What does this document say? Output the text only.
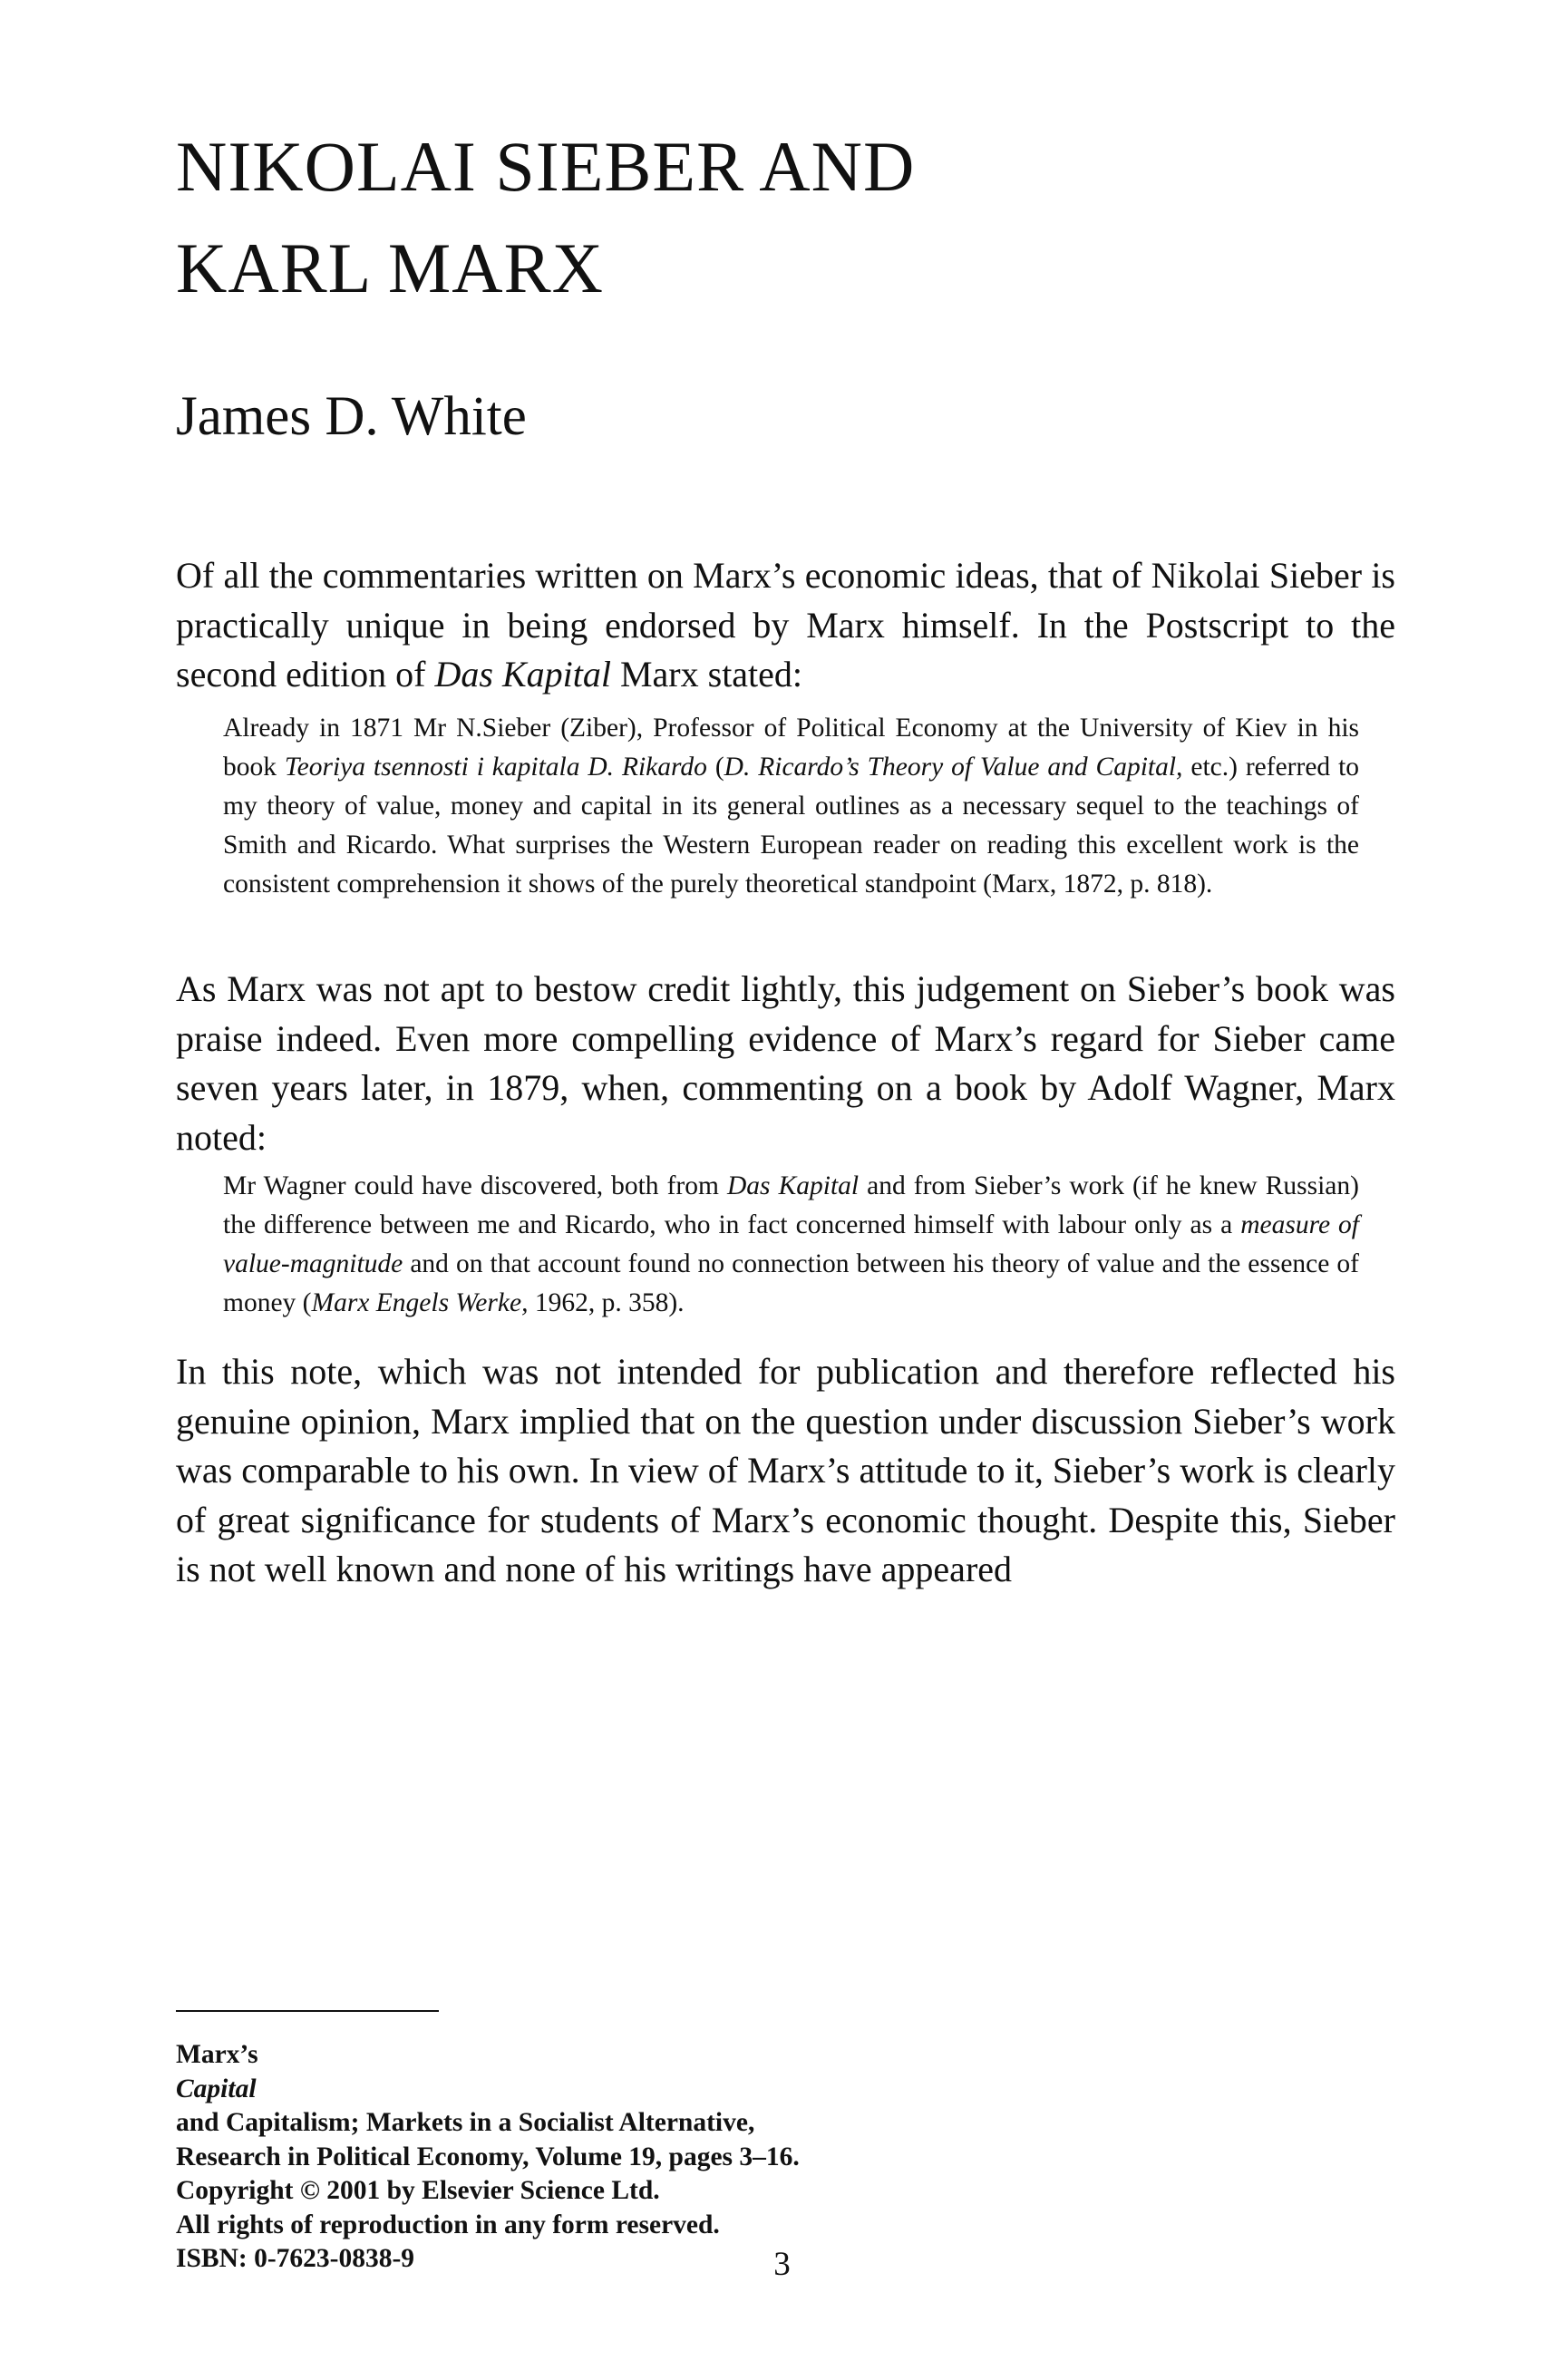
NIKOLAI SIEBER AND
KARL MARX
James D. White

Of all the commentaries written on Marx’s economic ideas, that of Nikolai Sieber is practically unique in being endorsed by Marx himself. In the Postscript to the second edition of Das Kapital Marx stated:

Already in 1871 Mr N.Sieber (Ziber), Professor of Political Economy at the University of Kiev in his book Teoriya tsennosti i kapitala D. Rikardo (D. Ricardo’s Theory of Value and Capital, etc.) referred to my theory of value, money and capital in its general outlines as a necessary sequel to the teachings of Smith and Ricardo. What surprises the Western European reader on reading this excellent work is the consistent comprehension it shows of the purely theoretical standpoint (Marx, 1872, p. 818).

As Marx was not apt to bestow credit lightly, this judgement on Sieber’s book was praise indeed. Even more compelling evidence of Marx’s regard for Sieber came seven years later, in 1879, when, commenting on a book by Adolf Wagner, Marx noted:

Mr Wagner could have discovered, both from Das Kapital and from Sieber’s work (if he knew Russian) the difference between me and Ricardo, who in fact concerned himself with labour only as a measure of value-magnitude and on that account found no connection between his theory of value and the essence of money (Marx Engels Werke, 1962, p. 358).

In this note, which was not intended for publication and therefore reflected his genuine opinion, Marx implied that on the question under discussion Sieber’s work was comparable to his own. In view of Marx’s attitude to it, Sieber’s work is clearly of great significance for students of Marx’s economic thought. Despite this, Sieber is not well known and none of his writings have appeared

Marx’s
Capital
and Capitalism; Markets in a Socialist Alternative,
Research in Political Economy, Volume 19, pages 3–16.
Copyright © 2001 by Elsevier Science Ltd.
All rights of reproduction in any form reserved.
ISBN: 0-7623-0838-9	3
